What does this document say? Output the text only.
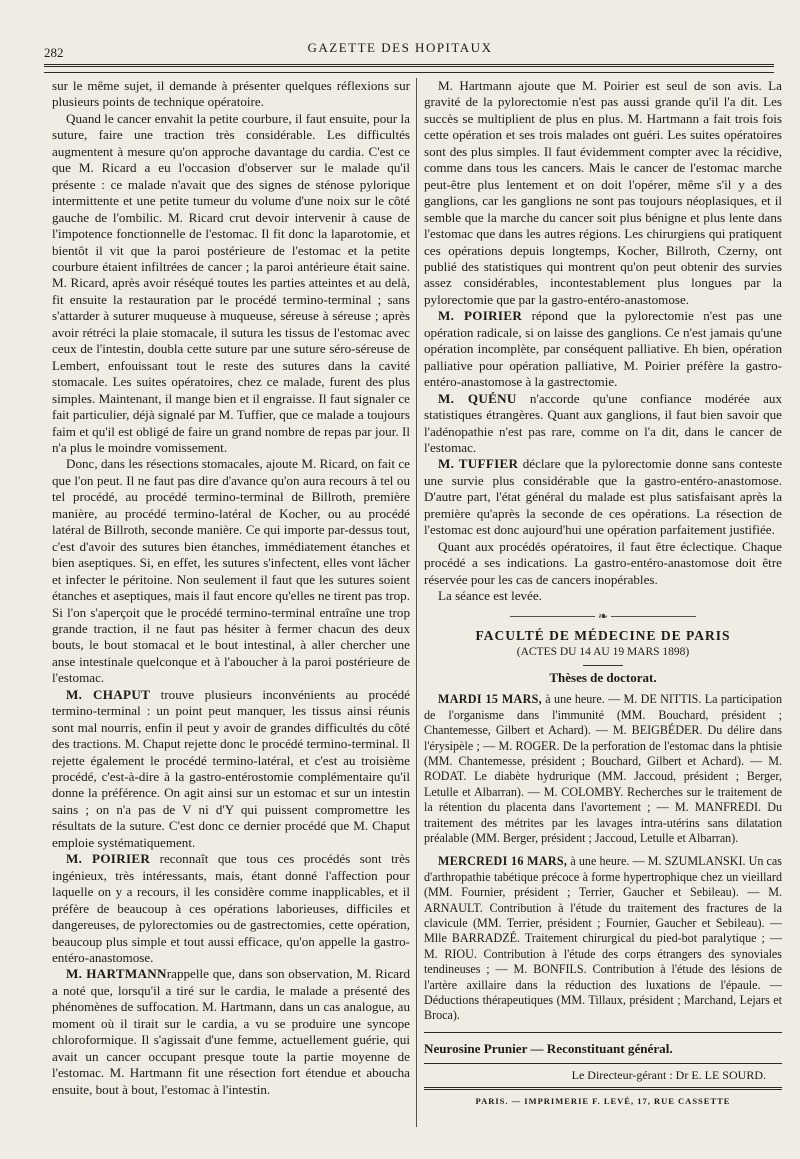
282	GAZETTE DES HOPITAUX

sur le même sujet, il demande à présenter quelques réflexions sur plusieurs points de technique opératoire.

Quand le cancer envahit la petite courbure, il faut ensuite, pour la suture, faire une traction très considérable. Les difficultés augmentent à mesure qu'on approche davantage du cardia. C'est ce que M. Ricard a eu l'occasion d'observer sur le malade qu'il présente : ce malade n'avait que des signes de sténose pylorique intermittente et une petite tumeur du volume d'une noix sur le côté gauche de l'ombilic. M. Ricard crut devoir intervenir à cause de l'impotence fonctionnelle de l'estomac. Il fit donc la laparotomie, et bientôt il vit que la paroi postérieure de l'estomac et la petite courbure étaient infiltrées de cancer ; la paroi antérieure était saine. M. Ricard, après avoir réséqué toutes les parties atteintes et au delà, fit ensuite la restauration par le procédé termino-terminal ; sans s'attarder à suturer muqueuse à muqueuse, séreuse à séreuse ; après avoir rétréci la plaie stomacale, il sutura les tissus de l'estomac avec ceux de l'intestin, doubla cette suture par une suture séro-séreuse de Lembert, enfouissant tout le reste des sutures dans la cavité stomacale. Les suites opératoires, chez ce malade, furent des plus simples. Maintenant, il mange bien et il engraisse. Il faut signaler ce fait particulier, déjà signalé par M. Tuffier, que ce malade a toujours faim et qu'il est obligé de faire un grand nombre de repas par jour. Il n'a plus le moindre vomissement.

Donc, dans les résections stomacales, ajoute M. Ricard, on fait ce que l'on peut. Il ne faut pas dire d'avance qu'on aura recours à tel ou tel procédé, au procédé termino-terminal de Billroth, première manière, au procédé termino-latéral de Kocher, ou au procédé latéral de Billroth, seconde manière. Ce qui importe par-dessus tout, c'est d'avoir des sutures bien étanches, immédiatement étanches et bien aseptiques. Si, en effet, les sutures s'infectent, elles vont lâcher et infecter le péritoine. Non seulement il faut que les sutures soient étanches et aseptiques, mais il faut encore qu'elles ne tirent pas trop. Si l'on s'aperçoit que le procédé termino-terminal entraîne une trop grande traction, il ne faut pas hésiter à fermer chacun des deux bouts, le bout stomacal et le bout intestinal, à aller chercher une anse intestinale quelconque et à l'aboucher à la paroi postérieure de l'estomac.

M. CHAPUT trouve plusieurs inconvénients au procédé termino-terminal : un point peut manquer, les tissus ainsi réunis sont mal nourris, enfin il peut y avoir de grandes difficultés du côté des tractions. M. Chaput rejette donc le procédé termino-terminal. Il rejette également le procédé termino-latéral, et c'est au troisième procédé, c'est-à-dire à la gastro-entérostomie complémentaire qu'il donne la préférence. On agit ainsi sur un estomac et sur un intestin sains ; on n'a pas de V ni d'Y qui puissent compromettre les résultats de la suture. C'est donc ce dernier procédé que M. Chaput emploie systématiquement.

M. POIRIER reconnaît que tous ces procédés sont très ingénieux, très intéressants, mais, étant donné l'affection pour laquelle on y a recours, il les considère comme inapplicables, et il préfère de beaucoup à ces opérations laborieuses, difficiles et dangereuses, de pylorectomies ou de gastrectomies, cette opération, beaucoup plus simple et tout aussi efficace, qu'on appelle la gastro-entéro-anastomose.

M. HARTMANNrappelle que, dans son observation, M. Ricard a noté que, lorsqu'il a tiré sur le cardia, le malade a présenté des phénomènes de suffocation. M. Hartmann, dans un cas analogue, au moment où il tirait sur le cardia, a vu se produire une syncope chloroformique. Il s'agissait d'une femme, actuellement guérie, qui avait un cancer occupant presque toute la partie moyenne de l'estomac. M. Hartmann fit une résection fort étendue et aboucha ensuite, bout à bout, l'estomac à l'intestin.

M. Hartmann ajoute que M. Poirier est seul de son avis. La gravité de la pylorectomie n'est pas aussi grande qu'il l'a dit. Les succès se multiplient de plus en plus. M. Hartmann a fait trois fois cette opération et ses trois malades ont guéri. Les suites opératoires sont des plus simples. Il faut évidemment compter avec la récidive, comme dans tous les cancers. Mais le cancer de l'estomac marche peut-être plus lentement et on doit l'opérer, même s'il y a des ganglions, car les ganglions ne sont pas toujours néoplasiques, et il semble que la marche du cancer soit plus bénigne et plus lente dans l'estomac que dans les autres régions. Les chirurgiens qui pratiquent ces opérations depuis longtemps, Kocher, Billroth, Czerny, ont publié des statistiques qui montrent qu'on peut obtenir des survies assez considérables, incontestablement plus longues par la pylorectomie que par la gastro-entéro-anastomose.

M. POIRIER répond que la pylorectomie n'est pas une opération radicale, si on laisse des ganglions. Ce n'est jamais qu'une opération incomplète, par conséquent palliative. Eh bien, opération palliative pour opération palliative, M. Poirier préfère la gastro-entéro-anastomose à la gastrectomie.

M. QUÉNU n'accorde qu'une confiance modérée aux statistiques étrangères. Quant aux ganglions, il faut bien savoir que l'adénopathie n'est pas rare, comme on l'a dit, dans le cancer de l'estomac.

M. TUFFIER déclare que la pylorectomie donne sans conteste une survie plus considérable que la gastro-entéro-anastomose. D'autre part, l'état général du malade est plus satisfaisant après la première qu'après la seconde de ces opérations. La résection de l'estomac est donc aujourd'hui une opération parfaitement justifiée.

Quant aux procédés opératoires, il faut être éclectique. Chaque procédé a ses indications. La gastro-entéro-anastomose doit être réservée pour les cas de cancers inopérables.

La séance est levée.

────────── ❧ ──────────

FACULTÉ DE MÉDECINE DE PARIS

(ACTES DU 14 AU 19 MARS 1898)

Thèses de doctorat.

MARDI 15 MARS, à une heure. — M. DE NITTIS. La participation de l'organisme dans l'immunité (MM. Bouchard, président ; Chantemesse, Gilbert et Achard). — M. BEIGBÉDER. Du délire dans l'érysipèle ; — M. ROGER. De la perforation de l'estomac dans la phtisie (MM. Chantemesse, président ; Bouchard, Gilbert et Achard). — M. RODAT. Le diabète hydrurique (MM. Jaccoud, président ; Berger, Letulle et Albarran). — M. COLOMBY. Recherches sur le traitement de la rétention du placenta dans l'avortement ; — M. MANFREDI. Du traitement des métrites par les lavages intra-utérins sans dilatation préalable (MM. Berger, président ; Jaccoud, Letulle et Albarran).

MERCREDI 16 MARS, à une heure. — M. SZUMLANSKI. Un cas d'arthropathie tabétique précoce à forme hypertrophique chez un vieillard (MM. Fournier, président ; Terrier, Gaucher et Sebileau). — M. ARNAULT. Contribution à l'étude du traitement des fractures de la clavicule (MM. Terrier, président ; Fournier, Gaucher et Sebileau). — Mlle BARRADZÉ. Traitement chirurgical du pied-bot paralytique ; — M. RIOU. Contribution à l'étude des corps étrangers des synoviales tendineuses ; — M. BONFILS. Contribution à l'étude des lésions de l'artère axillaire dans la réduction des luxations de l'épaule. — Déductions thérapeutiques (MM. Tillaux, président ; Marchand, Lejars et Broca).

Neurosine Prunier — Reconstituant général.

Le Directeur-gérant : Dr E. LE SOURD.

PARIS. — IMPRIMERIE F. LEVÉ, 17, RUE CASSETTE
